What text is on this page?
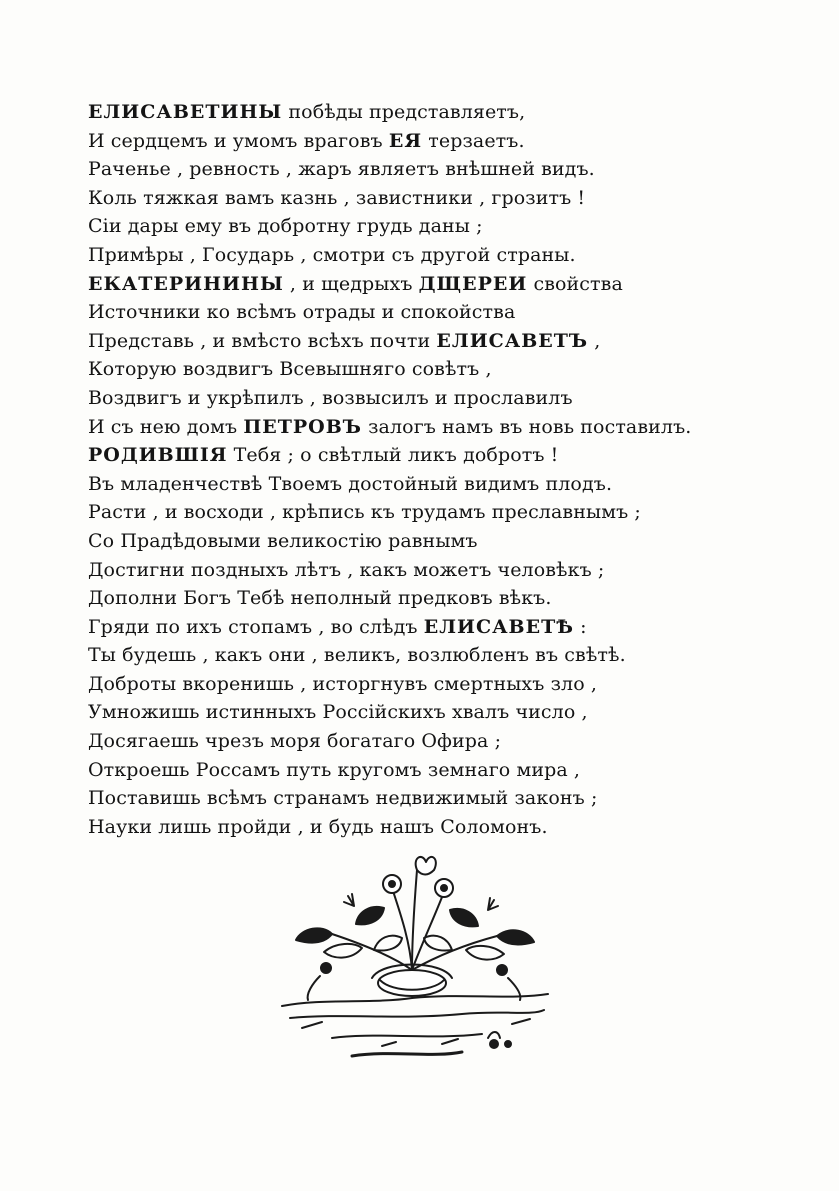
ЕЛИСАВЕТИНЫ побѣды представляетъ,
И сердцемъ и умомъ враговъ ЕЯ терзаетъ.
Раченье , ревность , жаръ являетъ внѣшней видъ.
Коль тяжкая вамъ казнь , завистники , грозитъ !
Сіи дары ему въ добротну грудь даны ;
Примѣры , Государь , смотри съ другой страны.
ЕКАТЕРИНИНЫ , и щедрыхъ ДЩЕРЕИ свойства
Источники ко всѣмъ отрады и спокойства
Представь , и вмѣсто всѣхъ почти ЕЛИСАВЕТЪ ,
Которую воздвигъ Всевышняго совѣтъ ,
Воздвигъ и укрѣпилъ , возвысилъ и прославилъ
И съ нею домъ ПЕТРОВЪ залогъ намъ въ новь поставилъ.
РОДИВШІЯ Тебя ; о свѣтлый ликъ добротъ !
Въ младенчествѣ Твоемъ достойный видимъ плодъ.
Расти , и восходи , крѣпись къ трудамъ преславнымъ ;
Со Прадѣдовыми великостію равнымъ
Достигни поздныхъ лѣтъ , какъ можетъ человѣкъ ;
Дополни Богъ Тебѣ неполный предковъ вѣкъ.
Гряди по ихъ стопамъ , во слѣдъ ЕЛИСАВЕТѢ :
Ты будешь , какъ они , великъ, возлюбленъ въ свѣтѣ.
Доброты вкоренишь , исторгнувъ смертныхъ зло ,
Умножишь истинныхъ Россійскихъ хвалъ число ,
Досягаешь чрезъ моря богатаго Офира ;
Откроешь Россамъ путь кругомъ земнаго мира ,
Поставишь всѣмъ странамъ недвижимый законъ ;
Науки лишь пройди , и будь нашъ Соломонъ.
